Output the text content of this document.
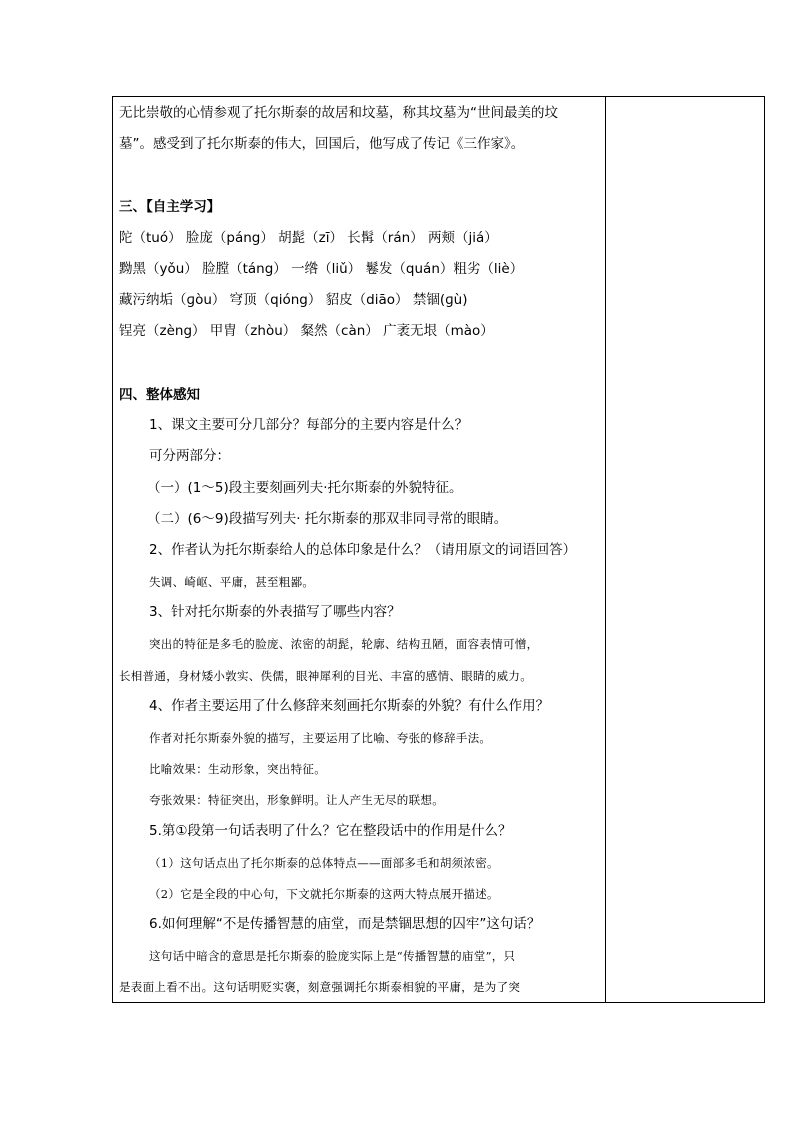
无比崇敬的心情参观了托尔斯泰的故居和坟墓，称其坟墓为“世间最美的坟
墓”。感受到了托尔斯泰的伟大，回国后，他写成了传记《三作家》。
三、【自主学习】
陀（tuó） 脸庞（páng） 胡髭（zī） 长髯（rán） 两颊（jiá）
黝黑（yǒu） 脸膛（táng） 一绺（liǔ） 鬈发（quán）粗劣（liè）
藏污纳垢（ɡòu） 穹顶（qióng） 貂皮（diāo） 禁锢(ɡù)
锃亮（zèng） 甲胄（zhòu） 粲然（càn） 广袤无垠（mào）
四、整体感知
1、课文主要可分几部分？每部分的主要内容是什么？
可分两部分：
（一）(1～5)段主要刻画列夫·托尔斯泰的外貌特征。
（二）(6～9)段描写列夫· 托尔斯泰的那双非同寻常的眼睛。
2、作者认为托尔斯泰给人的总体印象是什么？（请用原文的词语回答）
失调、崎岖、平庸，甚至粗鄙。
3、针对托尔斯泰的外表描写了哪些内容？
突出的特征是多毛的脸庞、浓密的胡髭，轮廓、结构丑陋，面容表情可憎，
长相普通，身材矮小敦实、佚儒，眼神犀利的目光、丰富的感情、眼睛的威力。
4、作者主要运用了什么修辞来刻画托尔斯泰的外貌？有什么作用？
作者对托尔斯泰外貌的描写，主要运用了比喻、夸张的修辞手法。
比喻效果：生动形象，突出特征。
夸张效果：特征突出，形象鲜明。让人产生无尽的联想。
5.第①段第一句话表明了什么？它在整段话中的作用是什么？
（1）这句话点出了托尔斯泰的总体特点——面部多毛和胡须浓密。
（2）它是全段的中心句，下文就托尔斯泰的这两大特点展开描述。
6.如何理解“不是传播智慧的庙堂，而是禁锢思想的囚牢”这句话？
这句话中暗含的意思是托尔斯泰的脸庞实际上是“传播智慧的庙堂”，只
是表面上看不出。这句话明贬实褒，刻意强调托尔斯泰相貌的平庸，是为了突
